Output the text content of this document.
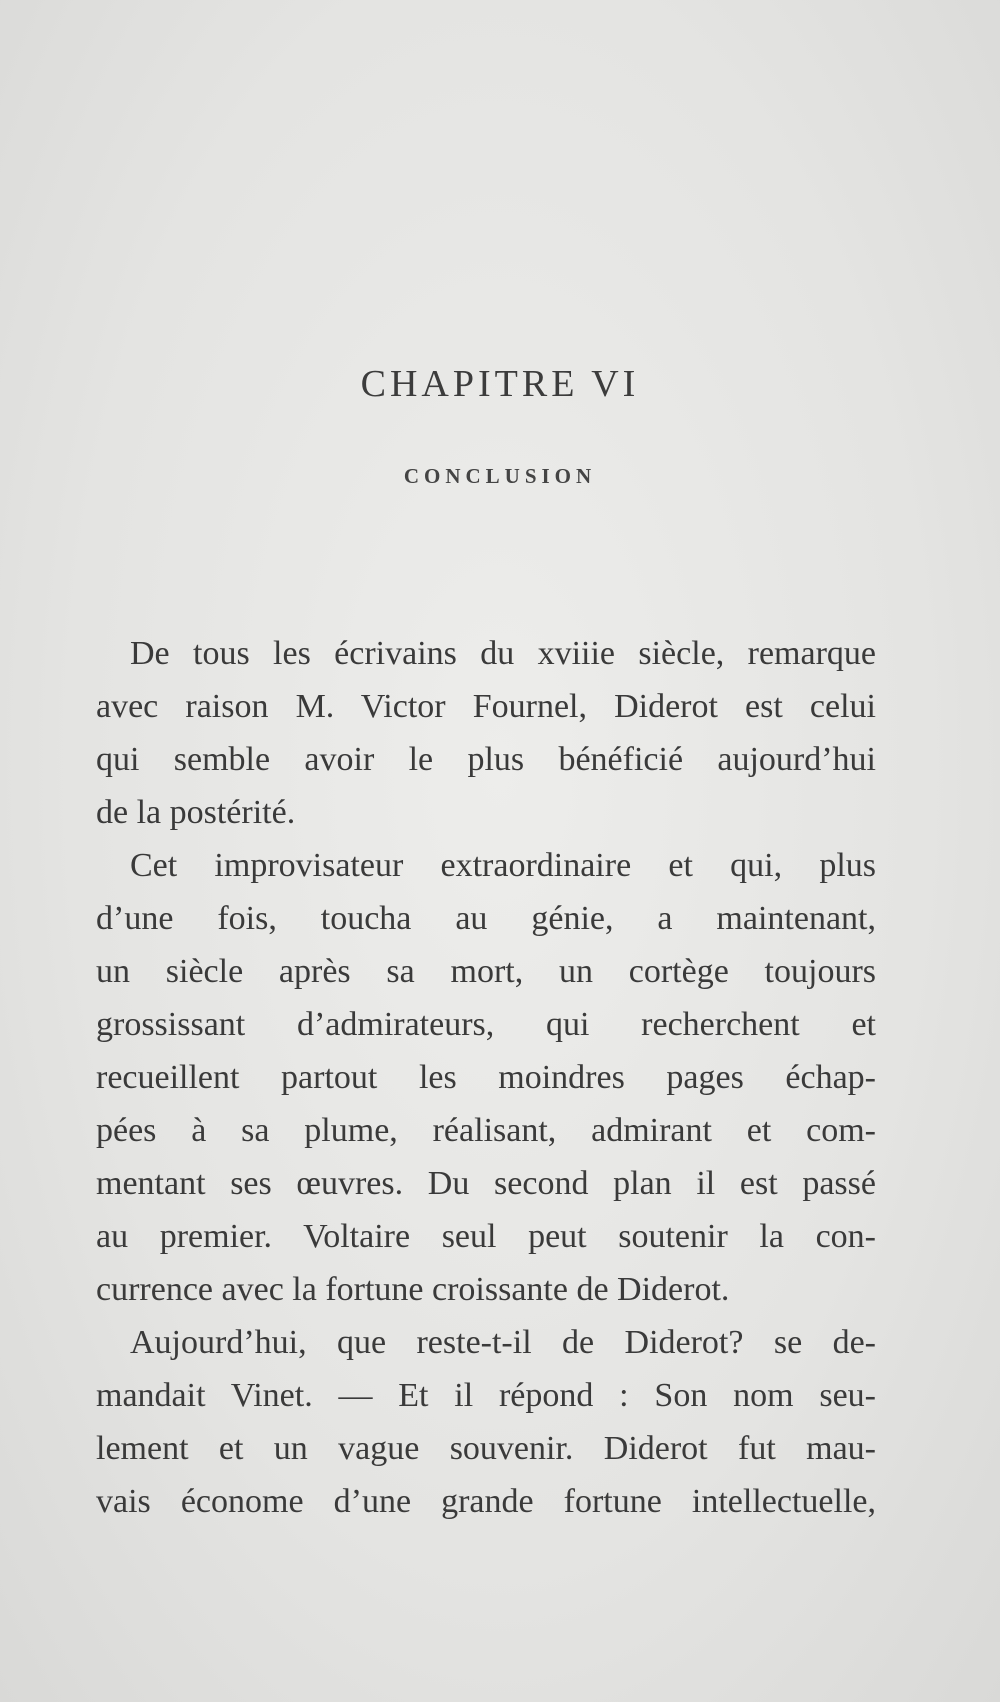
CHAPITRE VI
CONCLUSION
De tous les écrivains du xviiie siècle, remarque
avec raison M. Victor Fournel, Diderot est celui
qui semble avoir le plus bénéficié aujourd’hui
de la postérité.
Cet improvisateur extraordinaire et qui, plus
d’une fois, toucha au génie, a maintenant,
un siècle après sa mort, un cortège toujours
grossissant d’admirateurs, qui recherchent et
recueillent partout les moindres pages échap-
pées à sa plume, réalisant, admirant et com-
mentant ses œuvres. Du second plan il est passé
au premier. Voltaire seul peut soutenir la con-
currence avec la fortune croissante de Diderot.
Aujourd’hui, que reste-t-il de Diderot? se de-
mandait Vinet. — Et il répond : Son nom seu-
lement et un vague souvenir. Diderot fut mau-
vais économe d’une grande fortune intellectuelle,
